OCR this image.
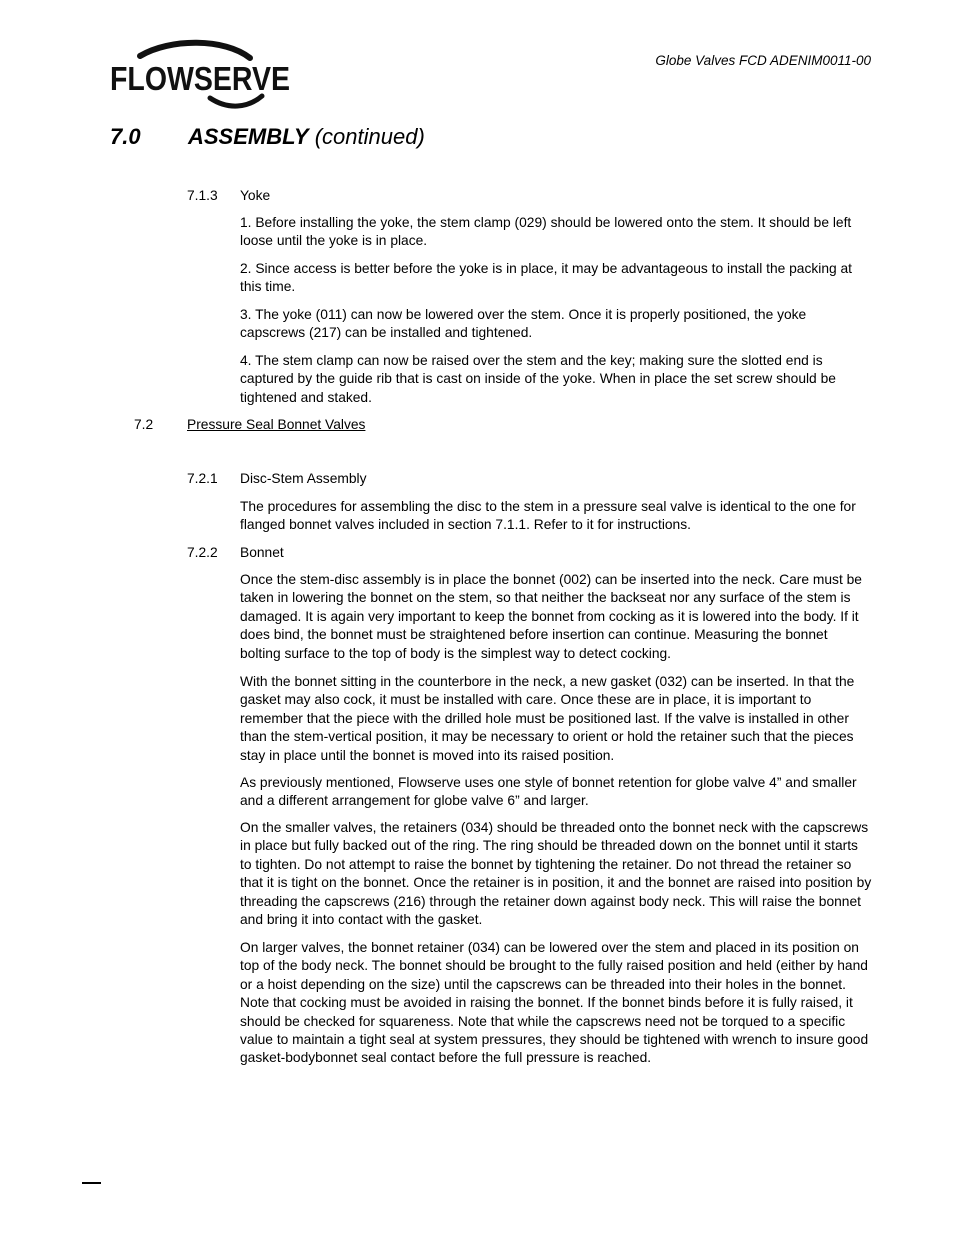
FLOWSERVE	Globe Valves FCD ADENIM0011-00
7.0 ASSEMBLY (continued)
7.1.3 Yoke

1. Before installing the yoke, the stem clamp (029) should be lowered onto the stem. It should be left loose until the yoke is in place.

2. Since access is better before the yoke is in place, it may be advantageous to install the packing at this time.

3. The yoke (011) can now be lowered over the stem. Once it is properly positioned, the yoke capscrews (217) can be installed and tightened.

4. The stem clamp can now be raised over the stem and the key; making sure the slotted end is captured by the guide rib that is cast on inside of the yoke. When in place the set screw should be tightened and staked.

7.2 Pressure Seal Bonnet Valves
7.2.1 Disc-Stem Assembly

The procedures for assembling the disc to the stem in a pressure seal valve is identical to the one for flanged bonnet valves included in section 7.1.1. Refer to it for instructions.

7.2.2 Bonnet

Once the stem-disc assembly is in place the bonnet (002) can be inserted into the neck. Care must be taken in lowering the bonnet on the stem, so that neither the backseat nor any surface of the stem is damaged. It is again very important to keep the bonnet from cocking as it is lowered into the body. If it does bind, the bonnet must be straightened before insertion can continue. Measuring the bonnet bolting surface to the top of body is the simplest way to detect cocking.

With the bonnet sitting in the counterbore in the neck, a new gasket (032) can be inserted. In that the gasket may also cock, it must be installed with care. Once these are in place, it is important to remember that the piece with the drilled hole must be positioned last. If the valve is installed in other than the stem-vertical position, it may be necessary to orient or hold the retainer such that the pieces stay in place until the bonnet is moved into its raised position.

As previously mentioned, Flowserve uses one style of bonnet retention for globe valve 4” and smaller and a different arrangement for globe valve 6” and larger.

On the smaller valves, the retainers (034) should be threaded onto the bonnet neck with the capscrews in place but fully backed out of the ring. The ring should be threaded down on the bonnet until it starts to tighten. Do not attempt to raise the bonnet by tightening the retainer. Do not thread the retainer so that it is tight on the bonnet. Once the retainer is in position, it and the bonnet are raised into position by threading the capscrews (216) through the retainer down against body neck. This will raise the bonnet and bring it into contact with the gasket.

On larger valves, the bonnet retainer (034) can be lowered over the stem and placed in its position on top of the body neck. The bonnet should be brought to the fully raised position and held (either by hand or a hoist depending on the size) until the capscrews can be threaded into their holes in the bonnet. Note that cocking must be avoided in raising the bonnet. If the bonnet binds before it is fully raised, it should be checked for squareness. Note that while the capscrews need not be torqued to a specific value to maintain a tight seal at system pressures, they should be tightened with wrench to insure good gasket-bodybonnet seal contact before the full pressure is reached.
